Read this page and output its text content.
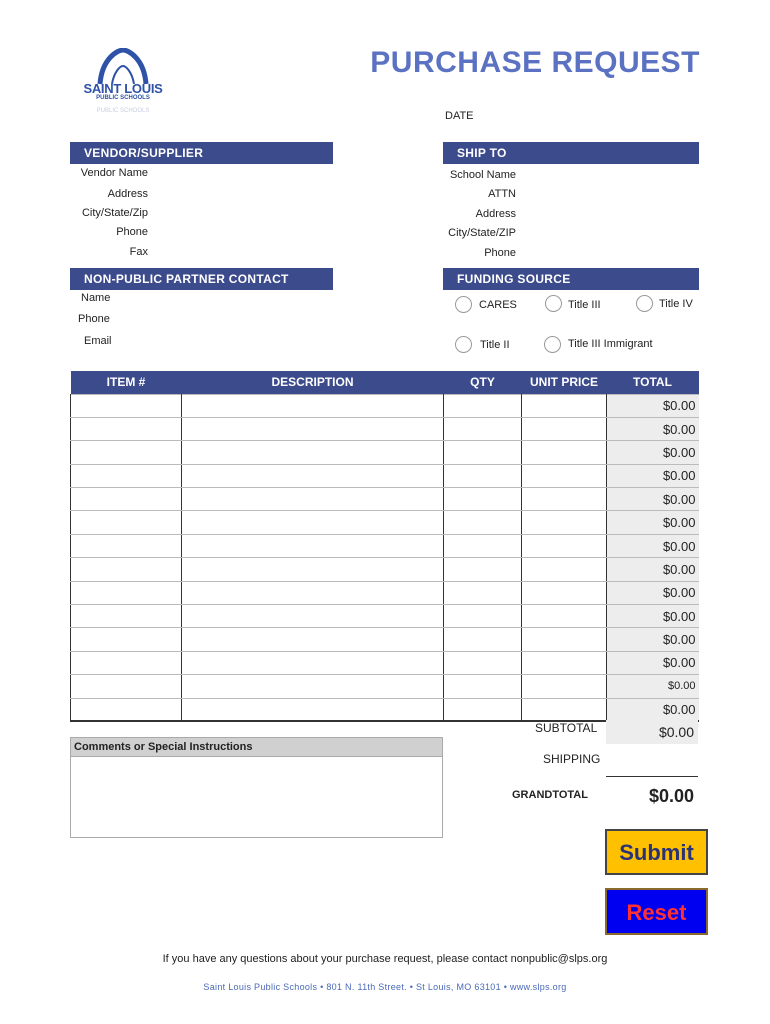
SAINT LOUIS
PUBLIC SCHOOLS
PUBLIC SCHOOLS
PURCHASE REQUEST
DATE
VENDOR/SUPPLIER
Vendor Name
Address
City/State/Zip
Phone
Fax
SHIP TO
School Name
ATTN
Address
City/State/ZIP
Phone
NON-PUBLIC PARTNER CONTACT
Name
Phone
Email
FUNDING SOURCE
CARES	Title III	Title IV
Title II	Title III Immigrant
ITEM #	DESCRIPTION	QTY	UNIT PRICE	TOTAL
				$0.00
				$0.00
				$0.00
				$0.00
				$0.00
				$0.00
				$0.00
				$0.00
				$0.00
				$0.00
				$0.00
				$0.00
				$0.00
				$0.00
Comments or Special Instructions
SUBTOTAL	$0.00
SHIPPING
GRANDTOTAL	$0.00
Submit
Reset
If you have any questions about your purchase request, please contact nonpublic@slps.org
Saint Louis Public Schools • 801 N. 11th Street. • St Louis, MO 63101 • www.slps.org
